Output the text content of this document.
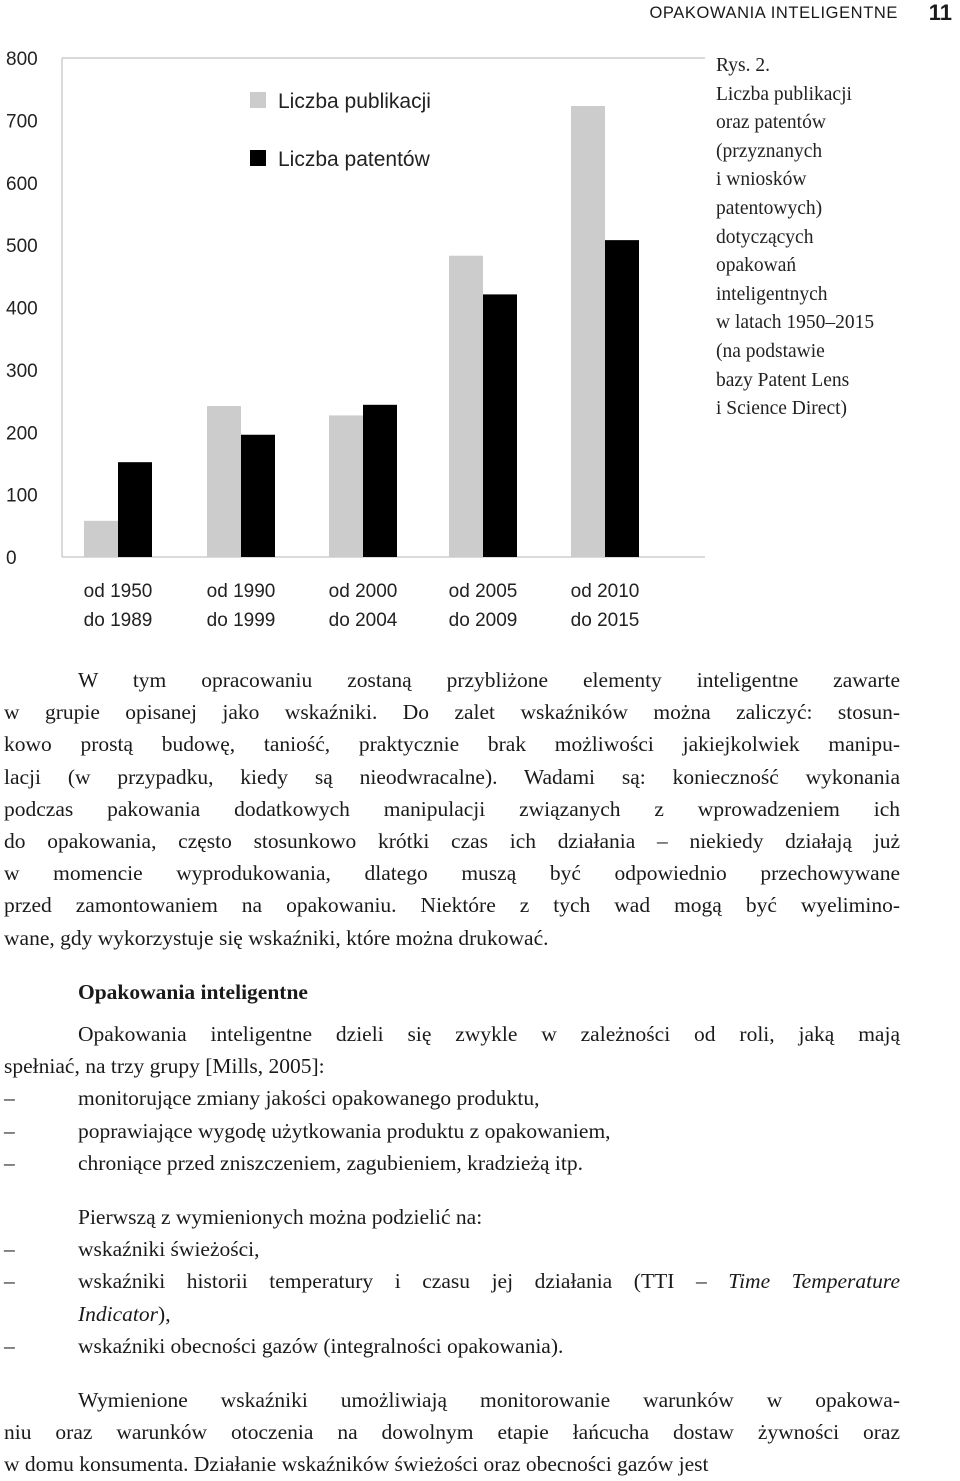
OPAKOWANIA INTELIGENTNE 11
0
100
200
300
400
500
600
700
800
od 1950
do 1989
od 1990
do 1999
od 2000
do 2004
od 2005
do 2009
od 2010
do 2015
Liczba publikacji
Liczba patentów
Rys. 2.
Liczba publikacji
oraz patentów
(przyznanych
i wniosków
patentowych)
dotyczących
opakowań
inteligentnych
w latach 1950–2015
(na podstawie
bazy Patent Lens
i Science Direct)

W tym opracowaniu zostaną przybliżone elementy inteligentne zawarte
w grupie opisanej jako wskaźniki. Do zalet wskaźników można zaliczyć: stosun-
kowo prostą budowę, taniość, praktycznie brak możliwości jakiejkolwiek manipu-
lacji (w przypadku, kiedy są nieodwracalne). Wadami są: konieczność wykonania
podczas pakowania dodatkowych manipulacji związanych z wprowadzeniem ich
do opakowania, często stosunkowo krótki czas ich działania – niekiedy działają już
w momencie wyprodukowania, dlatego muszą być odpowiednio przechowywane
przed zamontowaniem na opakowaniu. Niektóre z tych wad mogą być wyelimino-
wane, gdy wykorzystuje się wskaźniki, które można drukować.

Opakowania inteligentne

Opakowania inteligentne dzieli się zwykle w zależności od roli, jaką mają
spełniać, na trzy grupy [Mills, 2005]:

–	monitorujące zmiany jakości opakowanego produktu,
–	poprawiające wygodę użytkowania produktu z opakowaniem,
–	chroniące przed zniszczeniem, zagubieniem, kradzieżą itp.

Pierwszą z wymienionych można podzielić na:

–	wskaźniki świeżości,
–	wskaźniki historii temperatury i czasu jej działania (TTI – Time Temperature
Indicator),
–	wskaźniki obecności gazów (integralności opakowania).

Wymienione wskaźniki umożliwiają monitorowanie warunków w opakowa-
niu oraz warunków otoczenia na dowolnym etapie łańcucha dostaw żywności oraz
w domu konsumenta. Działanie wskaźników świeżości oraz obecności gazów jest
